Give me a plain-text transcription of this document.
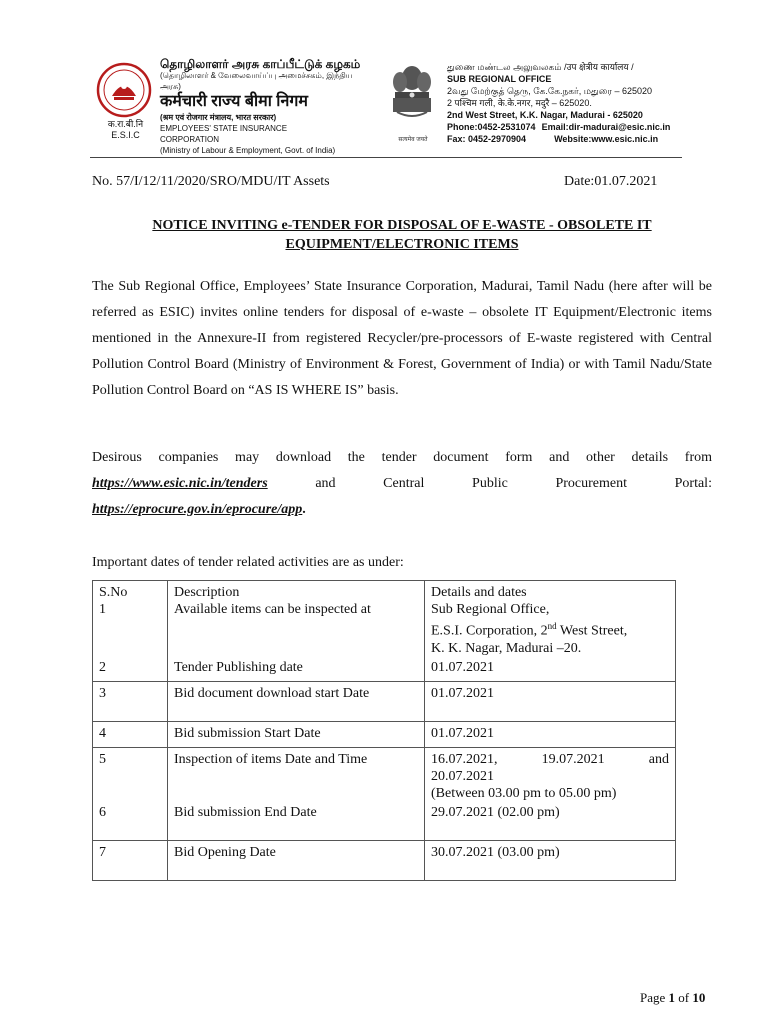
क.रा.बी.नि
E.S.I.C
தொழிலாளர் அரசு காப்பீட்டுக் கழகம்
(தொழிலாளர் & வேலைவாய்ப்பு அமைச்சகம், இந்திய அரசு)
कर्मचारी राज्य बीमा निगम
(श्रम एवं रोजगार मंत्रालय, भारत सरकार)
EMPLOYEES' STATE INSURANCE
CORPORATION
(Ministry of Labour & Employment, Govt. of India)
सत्यमेव जयते
துணை மண்டல அலுவலகம் /उप क्षेत्रीय कार्यालय /
SUB REGIONAL OFFICE
2வது மேற்குத் தெரு, கே.கே.நகர், மதுரை – 625020
2 पश्चिम गली, के.के.नगर, मदुरै – 625020.
2nd West Street, K.K. Nagar, Madurai - 625020
Phone:0452-2531074 Email:dir-madurai@esic.nic.in
Fax: 0452-2970904	Website:www.esic.nic.in
No. 57/I/12/11/2020/SRO/MDU/IT Assets	Date:01.07.2021
NOTICE INVITING e-TENDER FOR DISPOSAL OF E-WASTE - OBSOLETE IT EQUIPMENT/ELECTRONIC ITEMS
The Sub Regional Office, Employees’ State Insurance Corporation, Madurai, Tamil Nadu (here after will be referred as ESIC) invites online tenders for disposal of e-waste – obsolete IT Equipment/Electronic items mentioned in the Annexure-II from registered Recycler/pre-processors of E-waste registered with Central Pollution Control Board (Ministry of Environment & Forest, Government of India) or with Tamil Nadu/State Pollution Control Board on “AS IS WHERE IS” basis.
Desirous companies may download the tender document form and other details from
https://www.esic.nic.in/tenders	and	Central	Public	Procurement	Portal:
https://eprocure.gov.in/eprocure/app.
Important dates of tender related activities are as under:
S.No	Description	Details and dates
1	Available items can be inspected at	Sub Regional Office,
E.S.I. Corporation, 2nd West Street,
K. K. Nagar, Madurai –20.

2	Tender Publishing date	01.07.2021
3	Bid document download start Date	01.07.2021
4	Bid submission Start Date	01.07.2021
5	Inspection of items Date and Time	16.07.2021, 19.07.2021 and
20.07.2021
(Between 03.00 pm to 05.00 pm)

6	Bid submission End Date	29.07.2021 (02.00 pm)
7	Bid Opening Date	30.07.2021 (03.00 pm)
Page 1 of 10
